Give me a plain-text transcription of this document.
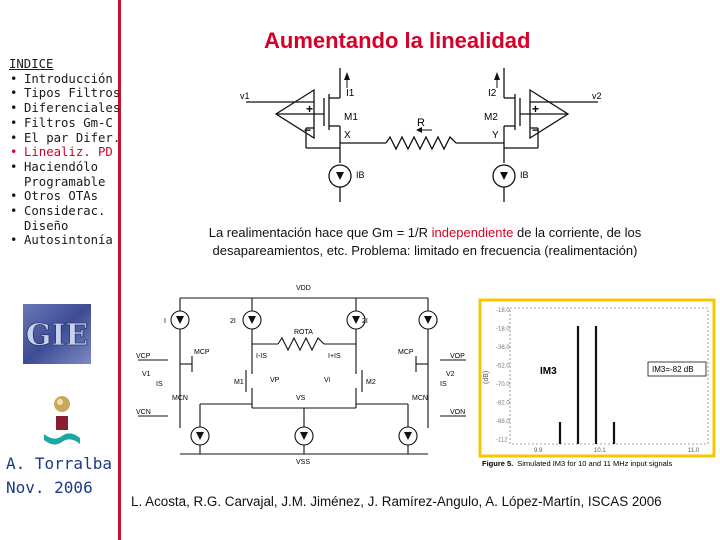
INDICE
• Introducción
• Tipos Filtros
• Diferenciales
• Filtros Gm-C
• El par Difer.
• Linealiz. PD
• Haciendólo
Programable
• Otros OTAs
• Considerac.
Diseño
• Autosintonía
GIE
A. Torralba
Nov. 2006
Aumentando la linealidad
v1	v2
+
−
+
−
I1	I2
M1	M2
X	Y
R
IB	IB
La realimentación hace que Gm = 1/R independiente de la corriente, de los desapareamientos, etc. Problema: limitado en frecuencia (realimentación)
VDD
VSS
ROTA
I	2I	2I	I
VCP	VOP
VCN	VON
V1	V2
IS	IS
I-IS	I+IS
M1	M2
MCP	MCP
MCN	MCN
VP	Vi
VS
-18.0
-18.0
-36.0
-52.0
-70.0
-82.0
-88.0
-112
(dB)	IM3	IM3=-82 dB
9.9	10.1	11.0
Figure 5. Simulated IM3 for 10 and 11 MHz input signals
L. Acosta, R.G. Carvajal, J.M. Jiménez, J. Ramírez-Angulo, A. López-Martín, ISCAS 2006
